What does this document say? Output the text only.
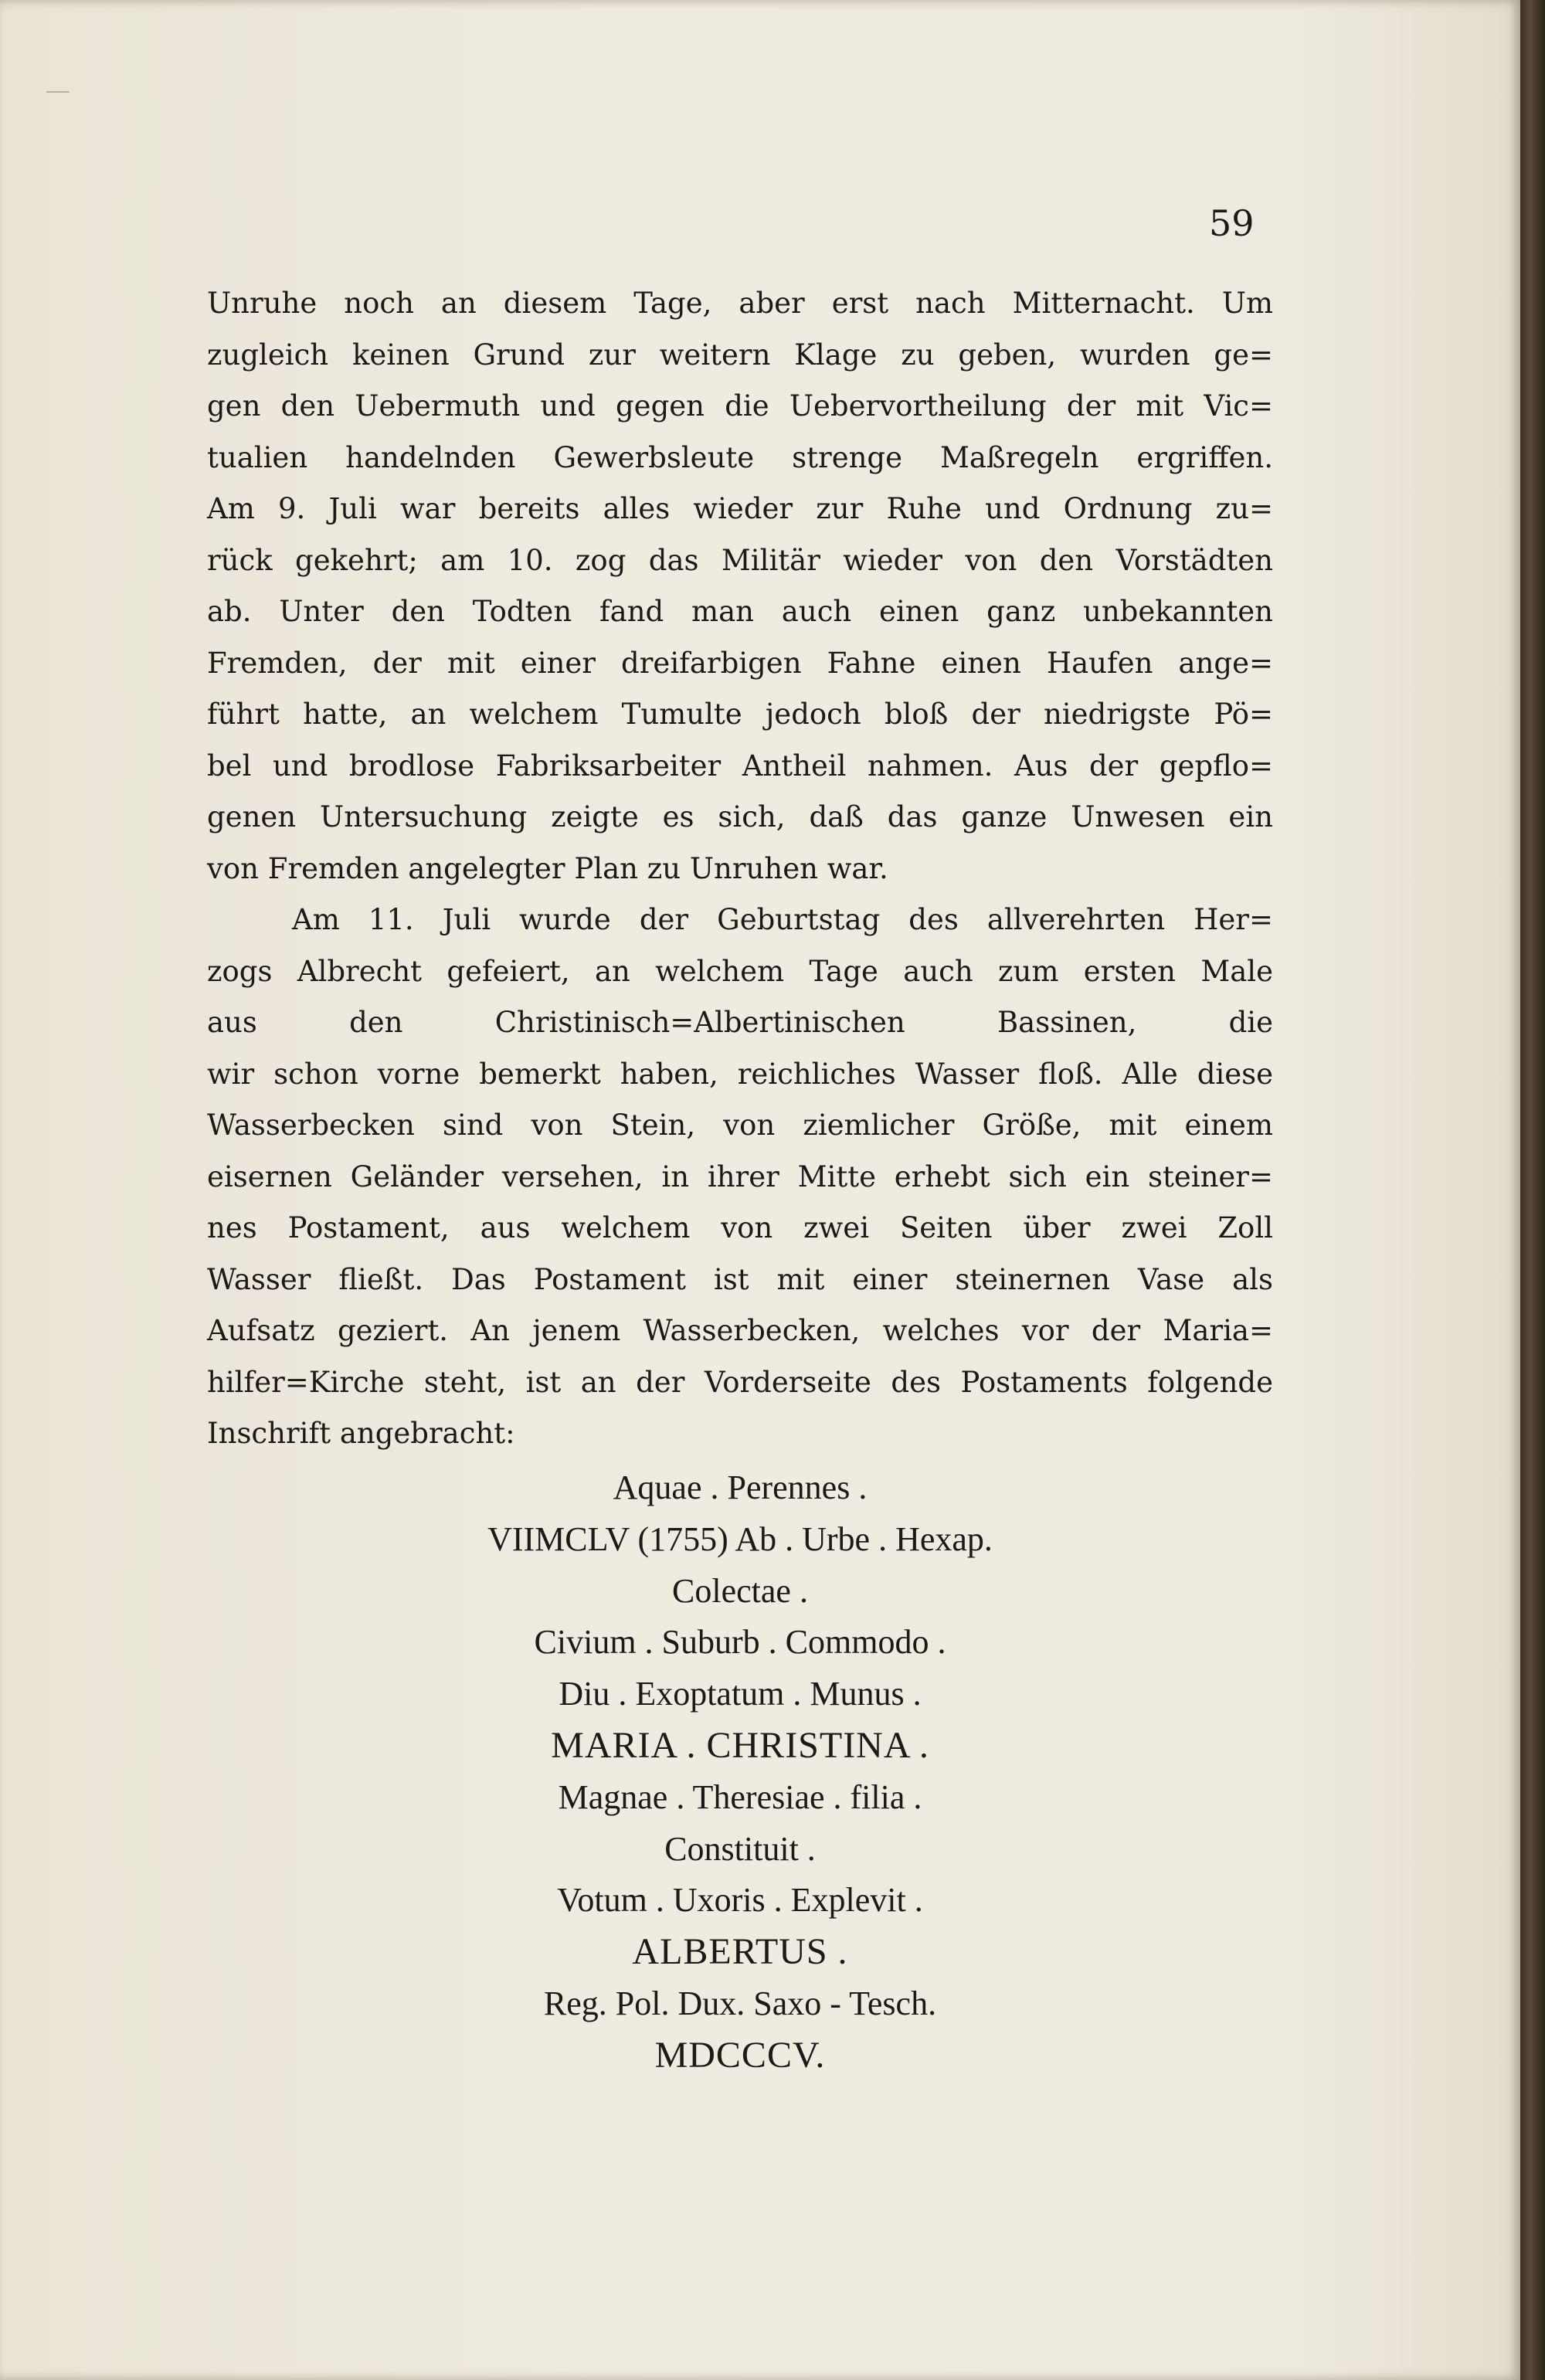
59
Unruhe noch an diesem Tage, aber erst nach Mitternacht. Um
zugleich keinen Grund zur weitern Klage zu geben, wurden ge=
gen den Uebermuth und gegen die Uebervortheilung der mit Vic=
tualien handelnden Gewerbsleute strenge Maßregeln ergriffen.
Am 9. Juli war bereits alles wieder zur Ruhe und Ordnung zu=
rück gekehrt; am 10. zog das Militär wieder von den Vorstädten
ab. Unter den Todten fand man auch einen ganz unbekannten
Fremden, der mit einer dreifarbigen Fahne einen Haufen ange=
führt hatte, an welchem Tumulte jedoch bloß der niedrigste Pö=
bel und brodlose Fabriksarbeiter Antheil nahmen. Aus der gepflo=
genen Untersuchung zeigte es sich, daß das ganze Unwesen ein
von Fremden angelegter Plan zu Unruhen war.
Am 11. Juli wurde der Geburtstag des allverehrten Her=
zogs Albrecht gefeiert, an welchem Tage auch zum ersten Male
aus den Christinisch=Albertinischen Bassinen, die
wir schon vorne bemerkt haben, reichliches Wasser floß. Alle diese
Wasserbecken sind von Stein, von ziemlicher Größe, mit einem
eisernen Geländer versehen, in ihrer Mitte erhebt sich ein steiner=
nes Postament, aus welchem von zwei Seiten über zwei Zoll
Wasser fließt. Das Postament ist mit einer steinernen Vase als
Aufsatz geziert. An jenem Wasserbecken, welches vor der Maria=
hilfer=Kirche steht, ist an der Vorderseite des Postaments folgende
Inschrift angebracht:
Aquae . Perennes .
VIIMCLV (1755) Ab . Urbe . Hexap.
Colectae .
Civium . Suburb . Commodo .
Diu . Exoptatum . Munus .
MARIA . CHRISTINA .
Magnae . Theresiae . filia .
Constituit .
Votum . Uxoris . Explevit .
ALBERTUS .
Reg. Pol. Dux. Saxo - Tesch.
MDCCCV.
